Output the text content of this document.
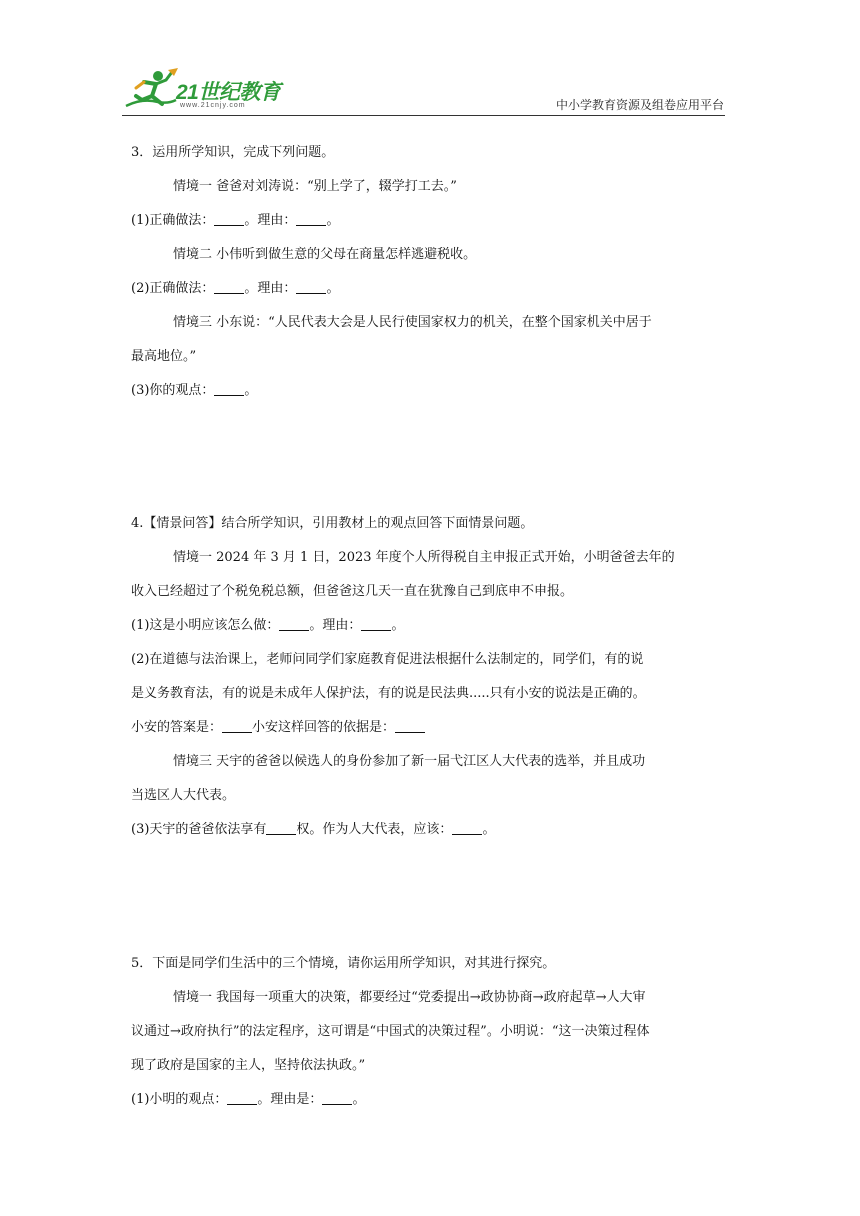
21世纪教育
www.21cnjy.com	中小学教育资源及组卷应用平台
3．运用所学知识，完成下列问题。
情境一 爸爸对刘涛说：“别上学了，辍学打工去。”
(1)正确做法： 。理由： 。
情境二 小伟听到做生意的父母在商量怎样逃避税收。
(2)正确做法： 。理由： 。
情境三 小东说：“人民代表大会是人民行使国家权力的机关，在整个国家机关中居于
最高地位。”
(3)你的观点： 。
4.【情景问答】结合所学知识，引用教材上的观点回答下面情景问题。
情境一 2024 年 3 月 1 日，2023 年度个人所得税自主申报正式开始，小明爸爸去年的
收入已经超过了个税免税总额，但爸爸这几天一直在犹豫自己到底申不申报。
(1)这是小明应该怎么做： 。理由： 。
(2)在道德与法治课上，老师问同学们家庭教育促进法根据什么法制定的，同学们，有的说
是义务教育法，有的说是未成年人保护法，有的说是民法典.....只有小安的说法是正确的。
小安的答案是： 小安这样回答的依据是：
情境三 天宇的爸爸以候选人的身份参加了新一届弋江区人大代表的选举，并且成功
当选区人大代表。
(3)天宇的爸爸依法享有 权。作为人大代表，应该： 。
5．下面是同学们生活中的三个情境，请你运用所学知识，对其进行探究。
情境一 我国每一项重大的决策，都要经过“党委提出→政协协商→政府起草→人大审
议通过→政府执行”的法定程序，这可谓是“中国式的决策过程”。小明说：“这一决策过程体
现了政府是国家的主人，坚持依法执政。”
(1)小明的观点： 。理由是： 。
